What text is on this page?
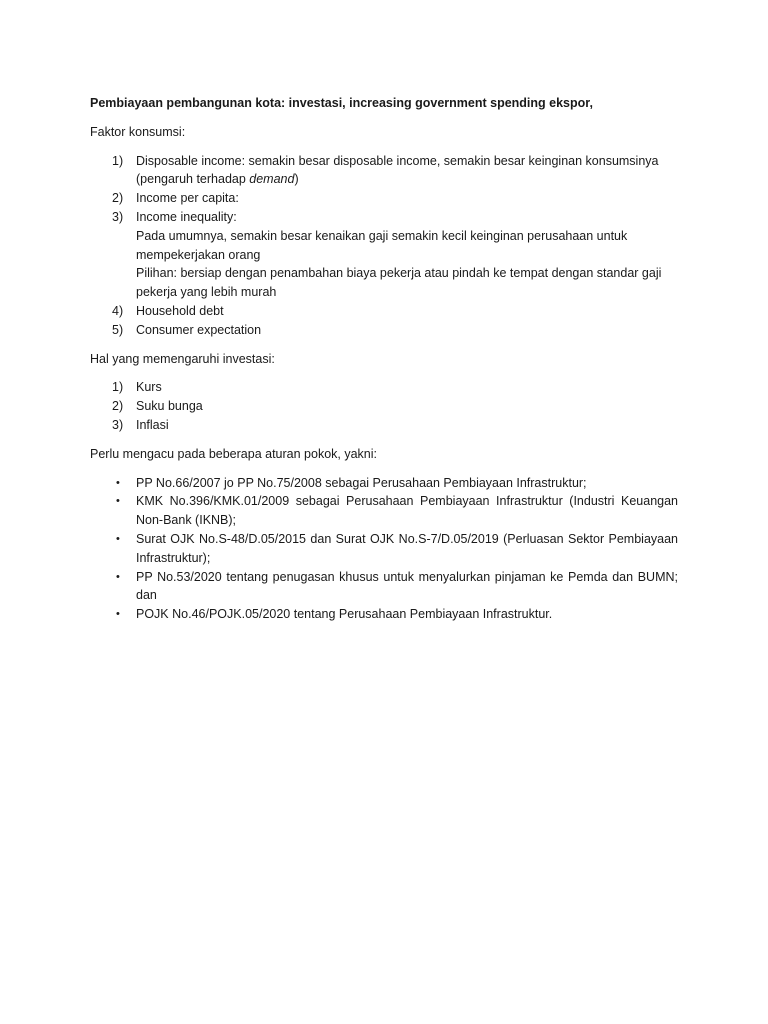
Pembiayaan pembangunan kota: investasi, increasing government spending ekspor,

Faktor konsumsi:

1) Disposable income: semakin besar disposable income, semakin besar keinginan konsumsinya (pengaruh terhadap demand)
2) Income per capita:
3) Income inequality:
Pada umumnya, semakin besar kenaikan gaji semakin kecil keinginan perusahaan untuk mempekerjakan orang
Pilihan: bersiap dengan penambahan biaya pekerja atau pindah ke tempat dengan standar gaji pekerja yang lebih murah
4) Household debt
5) Consumer expectation

Hal yang memengaruhi investasi:

1) Kurs
2) Suku bunga
3) Inflasi

Perlu mengacu pada beberapa aturan pokok, yakni:

• PP No.66/2007 jo PP No.75/2008 sebagai Perusahaan Pembiayaan Infrastruktur;
• KMK No.396/KMK.01/2009 sebagai Perusahaan Pembiayaan Infrastruktur (Industri Keuangan Non-Bank (IKNB);
• Surat OJK No.S-48/D.05/2015 dan Surat OJK No.S-7/D.05/2019 (Perluasan Sektor Pembiayaan Infrastruktur);
• PP No.53/2020 tentang penugasan khusus untuk menyalurkan pinjaman ke Pemda dan BUMN; dan
• POJK No.46/POJK.05/2020 tentang Perusahaan Pembiayaan Infrastruktur.
